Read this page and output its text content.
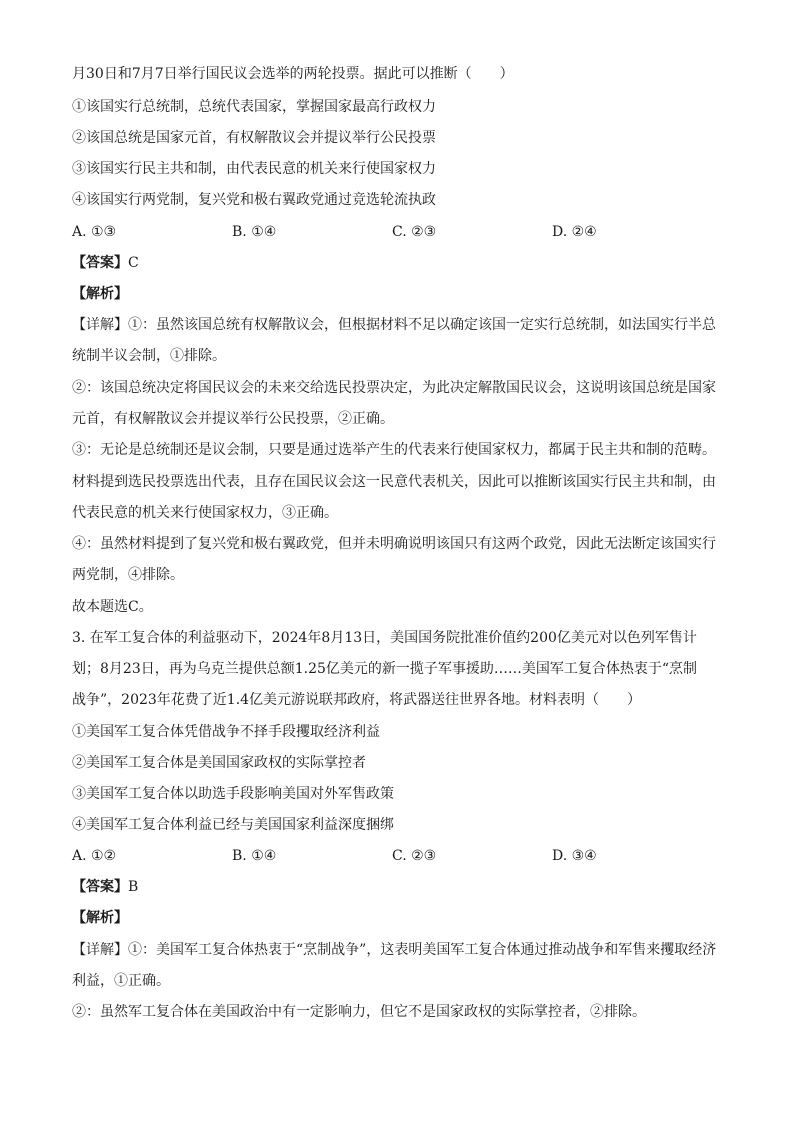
月30日和7月7日举行国民议会选举的两轮投票。据此可以推断（　　）
①该国实行总统制，总统代表国家，掌握国家最高行政权力
②该国总统是国家元首，有权解散议会并提议举行公民投票
③该国实行民主共和制，由代表民意的机关来行使国家权力
④该国实行两党制，复兴党和极右翼政党通过竞选轮流执政
A. ①③	B. ①④	C. ②③	D. ②④
【答案】C
【解析】
【详解】①：虽然该国总统有权解散议会，但根据材料不足以确定该国一定实行总统制，如法国实行半总
统制半议会制，①排除。
②：该国总统决定将国民议会的未来交给选民投票决定，为此决定解散国民议会，这说明该国总统是国家
元首，有权解散议会并提议举行公民投票，②正确。
③：无论是总统制还是议会制，只要是通过选举产生的代表来行使国家权力，都属于民主共和制的范畴。
材料提到选民投票选出代表，且存在国民议会这一民意代表机关，因此可以推断该国实行民主共和制，由
代表民意的机关来行使国家权力，③正确。
④：虽然材料提到了复兴党和极右翼政党，但并未明确说明该国只有这两个政党，因此无法断定该国实行
两党制，④排除。
故本题选C。
3. 在军工复合体的利益驱动下，2024年8月13日，美国国务院批准价值约200亿美元对以色列军售计
划；8月23日，再为乌克兰提供总额1.25亿美元的新一揽子军事援助……美国军工复合体热衷于“烹制
战争”，2023年花费了近1.4亿美元游说联邦政府，将武器送往世界各地。材料表明（　　）
①美国军工复合体凭借战争不择手段攫取经济利益
②美国军工复合体是美国国家政权的实际掌控者
③美国军工复合体以助选手段影响美国对外军售政策
④美国军工复合体利益已经与美国国家利益深度捆绑
A. ①②	B. ①④	C. ②③	D. ③④
【答案】B
【解析】
【详解】①：美国军工复合体热衷于“烹制战争”，这表明美国军工复合体通过推动战争和军售来攫取经济
利益，①正确。
②：虽然军工复合体在美国政治中有一定影响力，但它不是国家政权的实际掌控者，②排除。
